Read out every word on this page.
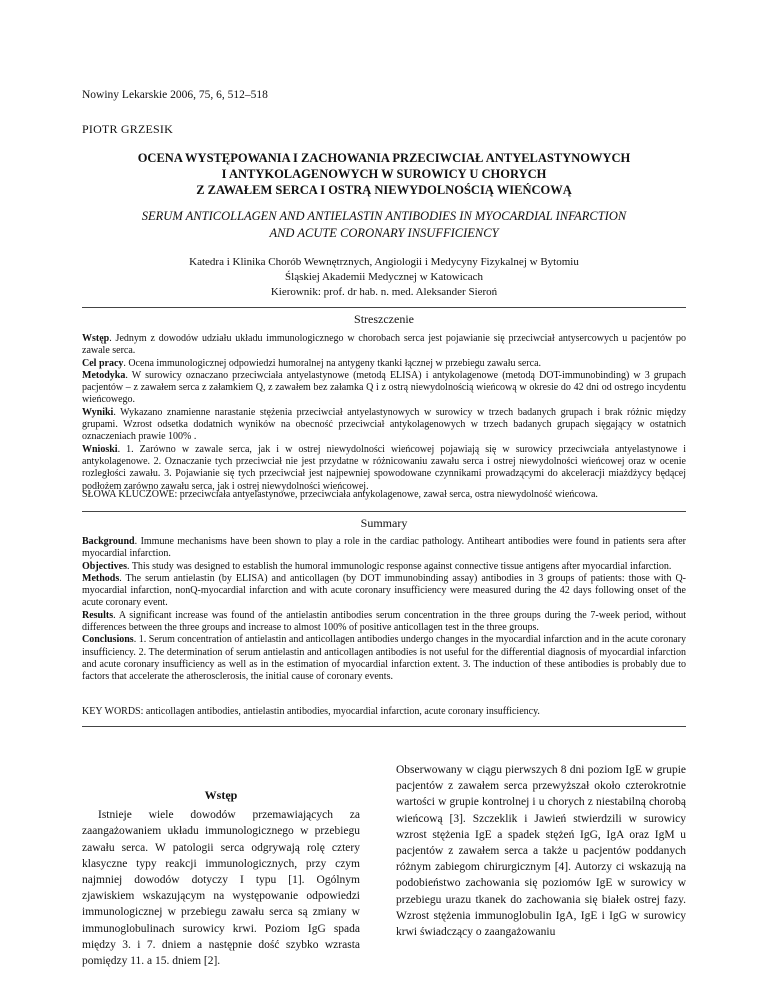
Nowiny Lekarskie 2006, 75, 6, 512–518
PIOTR GRZESIK
OCENA WYSTĘPOWANIA I ZACHOWANIA PRZECIWCIAŁ ANTYELASTYNOWYCH
I ANTYKOLAGENOWYCH W SUROWICY U CHORYCH
Z ZAWAŁEM SERCA I OSTRĄ NIEWYDOLNOŚCIĄ WIEŃCOWĄ
SERUM ANTICOLLAGEN AND ANTIELASTIN ANTIBODIES IN MYOCARDIAL INFARCTION
AND ACUTE CORONARY INSUFFICIENCY
Katedra i Klinika Chorób Wewnętrznych, Angiologii i Medycyny Fizykalnej w Bytomiu
Śląskiej Akademii Medycznej w Katowicach
Kierownik: prof. dr hab. n. med. Aleksander Sieroń
Streszczenie

Wstęp. Jednym z dowodów udziału układu immunologicznego w chorobach serca jest pojawianie się przeciwciał antysercowych u pacjentów po zawale serca.

Cel pracy. Ocena immunologicznej odpowiedzi humoralnej na antygeny tkanki łącznej w przebiegu zawału serca.

Metodyka. W surowicy oznaczano przeciwciała antyelastynowe (metodą ELISA) i antykolagenowe (metodą DOT-immunobinding) w 3 grupach pacjentów – z zawałem serca z załamkiem Q, z zawałem bez załamka Q i z ostrą niewydolnością wieńcową w okresie do 42 dni od ostrego incydentu wieńcowego.

Wyniki. Wykazano znamienne narastanie stężenia przeciwciał antyelastynowych w surowicy w trzech badanych grupach i brak różnic między grupami. Wzrost odsetka dodatnich wyników na obecność przeciwciał antykolagenowych w trzech badanych grupach sięgający w ostatnich oznaczeniach prawie 100% .

Wnioski. 1. Zarówno w zawale serca, jak i w ostrej niewydolności wieńcowej pojawiają się w surowicy przeciwciała antyelastynowe i antykolagenowe. 2. Oznaczanie tych przeciwciał nie jest przydatne w różnicowaniu zawału serca i ostrej niewydolności wieńcowej oraz w ocenie rozległości zawału. 3. Pojawianie się tych przeciwciał jest najpewniej spowodowane czynnikami prowadzącymi do akceleracji miażdżycy będącej podłożem zarówno zawału serca, jak i ostrej niewydolności wieńcowej.

SŁOWA KLUCZOWE: przeciwciała antyelastynowe, przeciwciała antykolagenowe, zawał serca, ostra niewydolność wieńcowa.
Summary

Background. Immune mechanisms have been shown to play a role in the cardiac pathology. Antiheart antibodies were found in patients sera after myocardial infarction.

Objectives. This study was designed to establish the humoral immunologic response against connective tissue antigens after myocardial infarction.

Methods. The serum antielastin (by ELISA) and anticollagen (by DOT immunobinding assay) antibodies in 3 groups of patients: those with Q-myocardial infarction, nonQ-myocardial infarction and with acute coronary insufficiency were measured during the 42 days following onset of the acute coronary event.

Results. A significant increase was found of the antielastin antibodies serum concentration in the three groups during the 7-week period, without differences between the three groups and increase to almost 100% of positive anticollagen test in the three groups.

Conclusions. 1. Serum concentration of antielastin and anticollagen antibodies undergo changes in the myocardial infarction and in the acute coronary insufficiency. 2. The determination of serum antielastin and anticollagen antibodies is not useful for the differential diagnosis of myocardial infarction and acute coronary insufficiency as well as in the estimation of myocardial infarction extent. 3. The induction of these antibodies is probably due to factors that accelerate the atherosclerosis, the initial cause of coronary events.

KEY WORDS: anticollagen antibodies, antielastin antibodies, myocardial infarction, acute coronary insufficiency.
Wstęp

Istnieje wiele dowodów przemawiających za zaangażowaniem układu immunologicznego w przebiegu zawału serca. W patologii serca odgrywają rolę cztery klasyczne typy reakcji immunologicznych, przy czym najmniej dowodów dotyczy I typu [1]. Ogólnym zjawiskiem wskazującym na występowanie odpowiedzi immunologicznej w przebiegu zawału serca są zmiany w immunoglobulinach surowicy krwi. Poziom IgG spada między 3. i 7. dniem a następnie dość szybko wzrasta pomiędzy 11. a 15. dniem [2].

Obserwowany w ciągu pierwszych 8 dni poziom IgE w grupie pacjentów z zawałem serca przewyższał około czterokrotnie wartości w grupie kontrolnej i u chorych z niestabilną chorobą wieńcową [3]. Szczeklik i Jawień stwierdzili w surowicy wzrost stężenia IgE a spadek stężeń IgG, IgA oraz IgM u pacjentów z zawałem serca a także u pacjentów poddanych różnym zabiegom chirurgicznym [4]. Autorzy ci wskazują na podobieństwo zachowania się poziomów IgE w surowicy w przebiegu urazu tkanek do zachowania się białek ostrej fazy. Wzrost stężenia immunoglobulin IgA, IgE i IgG w surowicy krwi świadczący o zaangażowaniu
